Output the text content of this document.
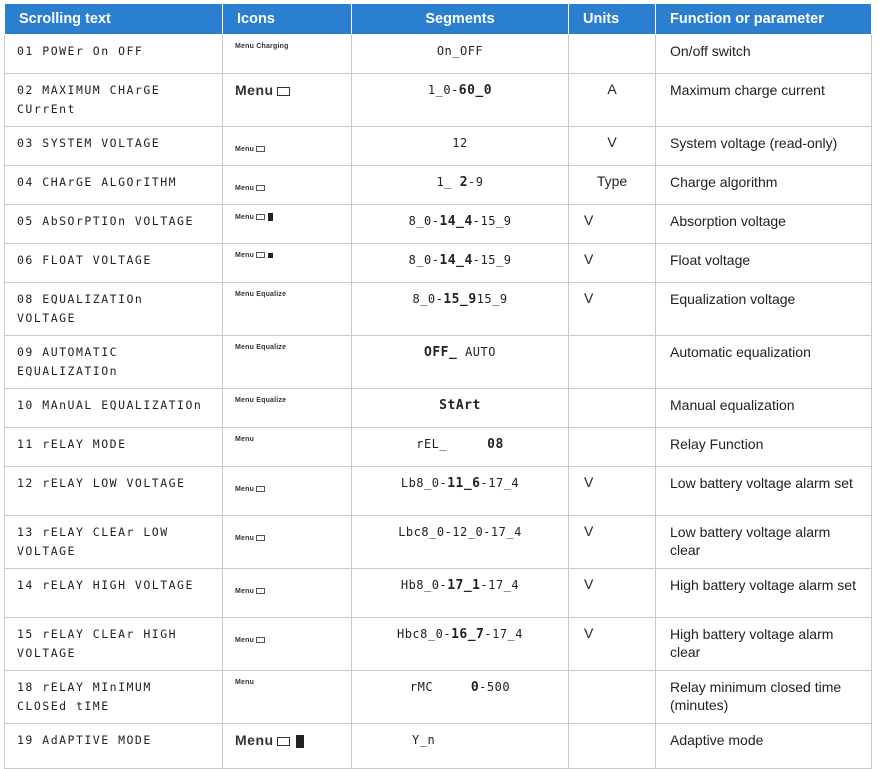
Scrolling text	Icons	Segments	Units	Function or parameter
01 POWEr On OFF	Menu Charging	On_OFF		On/off switch
02 MAXIMUM CHArGE CUrrEnt	Menu	1_0-60_0	A	Maximum charge current
03 SYSTEM VOLTAGE	Menu	12	V	System voltage (read-only)
04 CHArGE ALGOrITHM	Menu	1_ 2-9	Type	Charge algorithm
05 AbSOrPTIOn VOLTAGE	Menu	8_0-14_4-15_9	V	Absorption voltage
06 FLOAT VOLTAGE	Menu	8_0-14_4-15_9	V	Float voltage
08 EQUALIZATIOn VOLTAGE	Menu Equalize	8_0-15_915_9	V	Equalization voltage
09 AUTOMATIC EQUALIZATIOn	Menu Equalize	OFF_ AUTO		Automatic equalization
10 MAnUAL EQUALIZATIOn	Menu Equalize	StArt		Manual equalization
11 rELAY MODE	Menu	rEL_ 08		Relay Function
12 rELAY LOW VOLTAGE	Menu	Lb8_0-11_6-17_4	V	Low battery voltage alarm set
13 rELAY CLEAr LOW VOLTAGE	Menu	Lbc8_0-12_0-17_4	V	Low battery voltage alarm clear
14 rELAY HIGH VOLTAGE	Menu	Hb8_0-17_1-17_4	V	High battery voltage alarm set
15 rELAY CLEAr HIGH VOLTAGE	Menu	Hbc8_0-16_7-17_4	V	High battery voltage alarm clear
18 rELAY MInIMUM CLOSEd tIME	Menu	rMC 0-500		Relay minimum closed time (minutes)
19 AdAPTIVE MODE	Menu	Y_n		Adaptive mode
